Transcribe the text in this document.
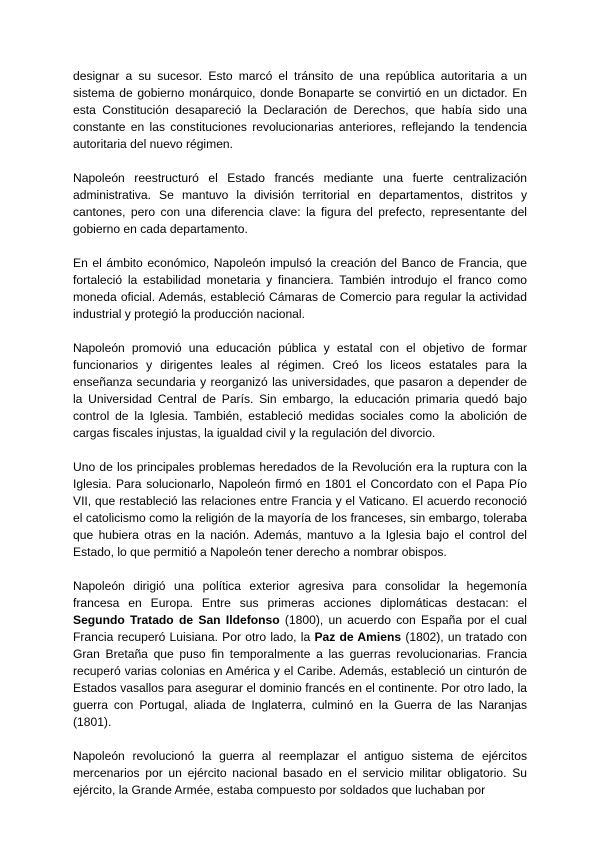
designar a su sucesor. Esto marcó el tránsito de una república autoritaria a un sistema de gobierno monárquico, donde Bonaparte se convirtió en un dictador. En esta Constitución desapareció la Declaración de Derechos, que había sido una constante en las constituciones revolucionarias anteriores, reflejando la tendencia autoritaria del nuevo régimen.

Napoleón reestructuró el Estado francés mediante una fuerte centralización administrativa. Se mantuvo la división territorial en departamentos, distritos y cantones, pero con una diferencia clave: la figura del prefecto, representante del gobierno en cada departamento.

En el ámbito económico, Napoleón impulsó la creación del Banco de Francia, que fortaleció la estabilidad monetaria y financiera. También introdujo el franco como moneda oficial. Además, estableció Cámaras de Comercio para regular la actividad industrial y protegió la producción nacional.

Napoleón promovió una educación pública y estatal con el objetivo de formar funcionarios y dirigentes leales al régimen. Creó los liceos estatales para la enseñanza secundaria y reorganizó las universidades, que pasaron a depender de la Universidad Central de París. Sin embargo, la educación primaria quedó bajo control de la Iglesia. También, estableció medidas sociales como la abolición de cargas fiscales injustas, la igualdad civil y la regulación del divorcio.

Uno de los principales problemas heredados de la Revolución era la ruptura con la Iglesia. Para solucionarlo, Napoleón firmó en 1801 el Concordato con el Papa Pío VII, que restableció las relaciones entre Francia y el Vaticano. El acuerdo reconoció el catolicismo como la religión de la mayoría de los franceses, sin embargo, toleraba que hubiera otras en la nación. Además, mantuvo a la Iglesia bajo el control del Estado, lo que permitió a Napoleón tener derecho a nombrar obispos.

Napoleón dirigió una política exterior agresiva para consolidar la hegemonía francesa en Europa. Entre sus primeras acciones diplomáticas destacan: el Segundo Tratado de San Ildefonso (1800), un acuerdo con España por el cual Francia recuperó Luisiana. Por otro lado, la Paz de Amiens (1802), un tratado con Gran Bretaña que puso fin temporalmente a las guerras revolucionarias. Francia recuperó varias colonias en América y el Caribe. Además, estableció un cinturón de Estados vasallos para asegurar el dominio francés en el continente. Por otro lado, la guerra con Portugal, aliada de Inglaterra, culminó en la Guerra de las Naranjas (1801).

Napoleón revolucionó la guerra al reemplazar el antiguo sistema de ejércitos mercenarios por un ejército nacional basado en el servicio militar obligatorio. Su ejército, la Grande Armée, estaba compuesto por soldados que luchaban por
